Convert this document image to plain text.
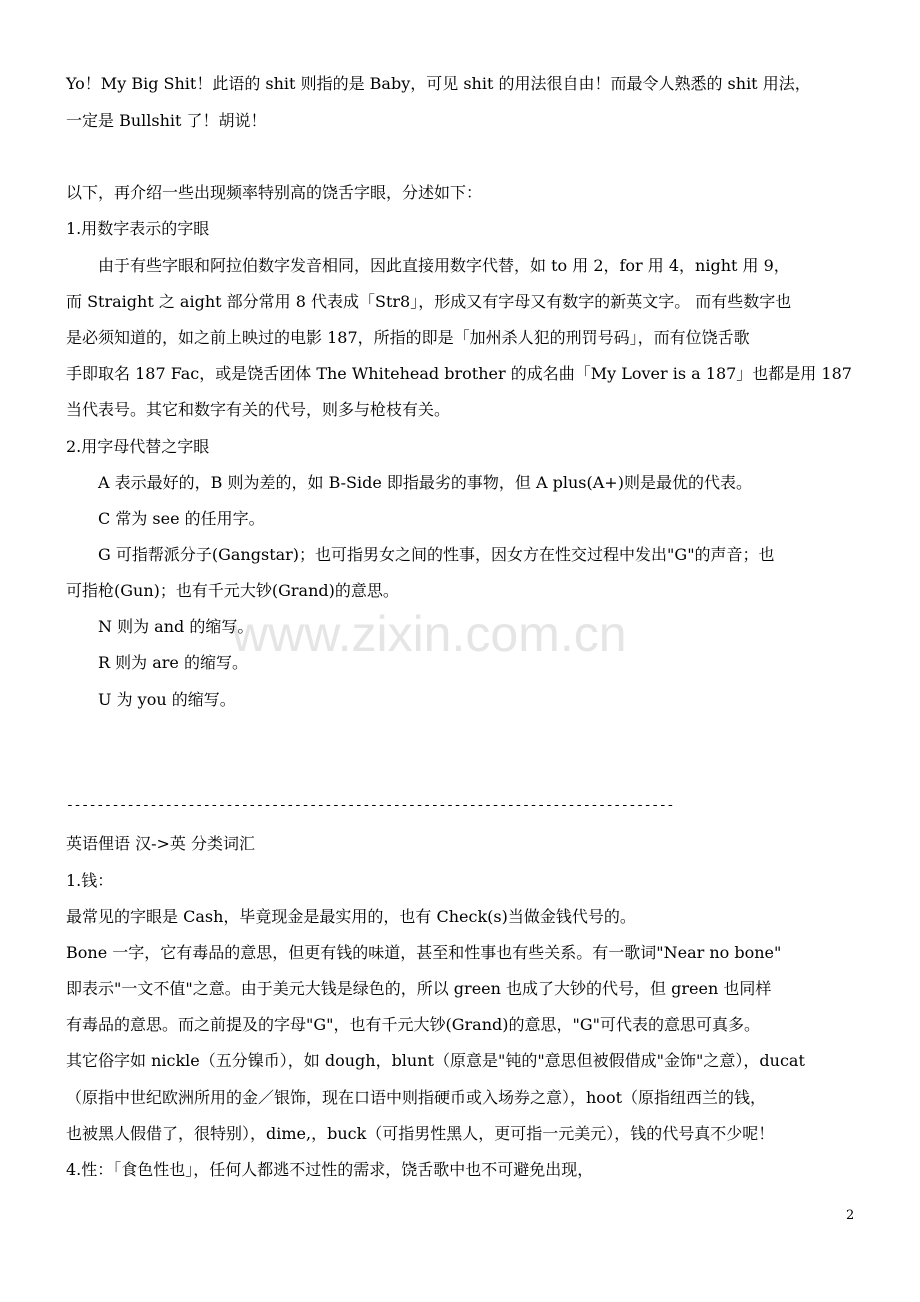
www.zixin.com.cn
Yo！My Big Shit！此语的 shit 则指的是 Baby，可见 shit 的用法很自由！而最令人熟悉的 shit 用法，
一定是 Bullshit 了！胡说！
以下，再介绍一些出现频率特别高的饶舌字眼，分述如下：
1.用数字表示的字眼
由于有些字眼和阿拉伯数字发音相同，因此直接用数字代替，如 to 用 2，for 用 4，night 用 9，
而 Straight 之 aight 部分常用 8 代表成「Str8」，形成又有字母又有数字的新英文字。 而有些数字也
是必须知道的，如之前上映过的电影 187，所指的即是「加州杀人犯的刑罚号码」，而有位饶舌歌
手即取名 187 Fac，或是饶舌团体 The Whitehead brother 的成名曲「My Lover is a 187」也都是用 187
当代表号。其它和数字有关的代号，则多与枪枝有关。
2.用字母代替之字眼
A 表示最好的，B 则为差的，如 B-Side 即指最劣的事物，但 A plus(A+)则是最优的代表。
C 常为 see 的任用字。
G 可指帮派分子(Gangstar)；也可指男女之间的性事，因女方在性交过程中发出"G"的声音；也
可指枪(Gun)；也有千元大钞(Grand)的意思。
N 则为 and 的缩写。
R 则为 are 的缩写。
U 为 you 的缩写。
--------------------------------------------------------------------------------
英语俚语 汉->英 分类词汇
1.钱：
最常见的字眼是 Cash，毕竟现金是最实用的，也有 Check(s)当做金钱代号的。
Bone 一字，它有毒品的意思，但更有钱的味道，甚至和性事也有些关系。有一歌词"Near no bone"
即表示"一文不值"之意。由于美元大钱是绿色的，所以 green 也成了大钞的代号，但 green 也同样
有毒品的意思。而之前提及的字母"G"，也有千元大钞(Grand)的意思，"G"可代表的意思可真多。
其它俗字如 nickle（五分镍币），如 dough，blunt（原意是"钝的"意思但被假借成"金饰"之意），ducat
（原指中世纪欧洲所用的金／银饰，现在口语中则指硬币或入场券之意），hoot（原指纽西兰的钱，
也被黑人假借了，很特别），dime,，buck（可指男性黑人，更可指一元美元），钱的代号真不少呢！
4.性：「食色性也」，任何人都逃不过性的需求，饶舌歌中也不可避免出现，
2
